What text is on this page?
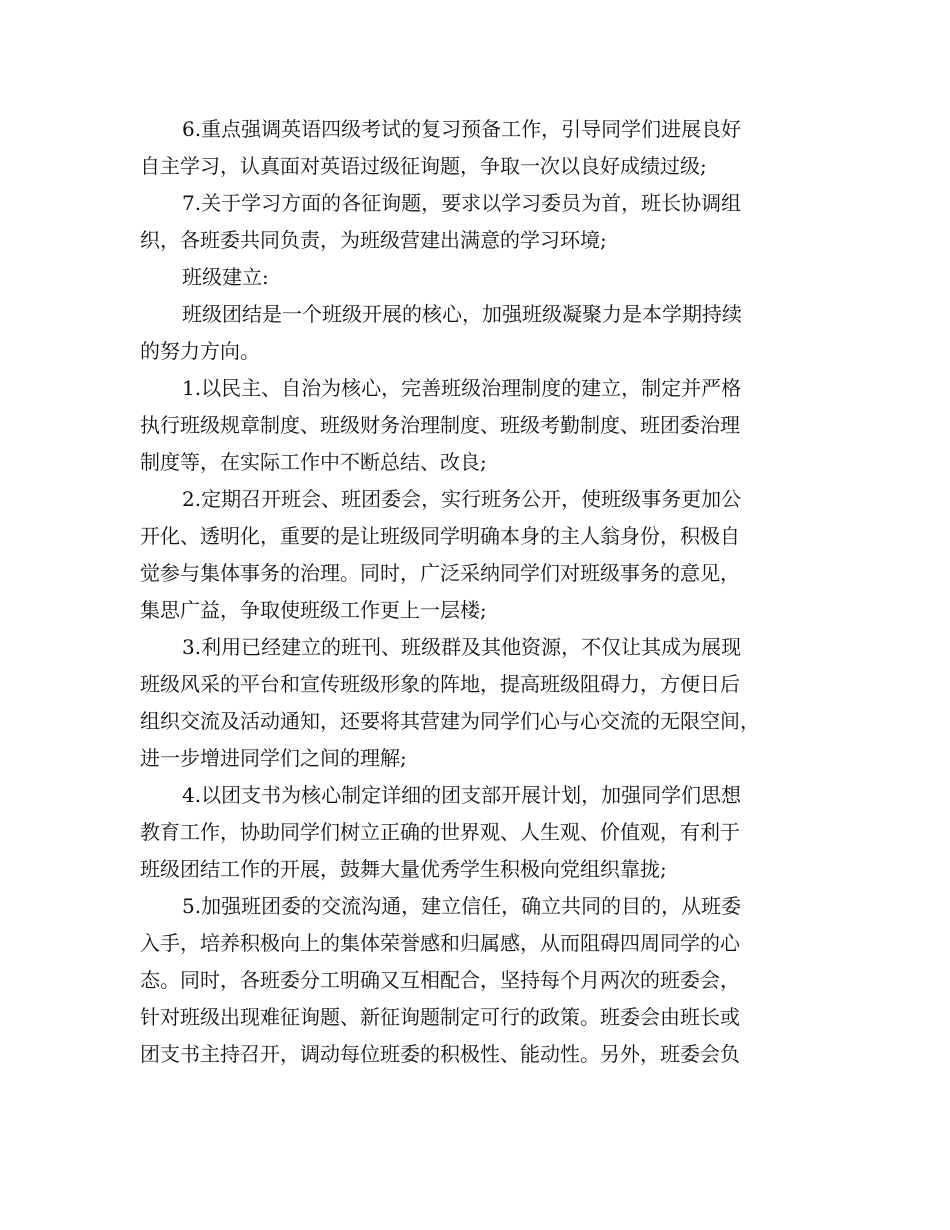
6.重点强调英语四级考试的复习预备工作，引导同学们进展良好
自主学习，认真面对英语过级征询题，争取一次以良好成绩过级;
7.关于学习方面的各征询题，要求以学习委员为首，班长协调组
织，各班委共同负责，为班级营建出满意的学习环境;
班级建立:
班级团结是一个班级开展的核心，加强班级凝聚力是本学期持续
的努力方向。
1.以民主、自治为核心，完善班级治理制度的建立，制定并严格
执行班级规章制度、班级财务治理制度、班级考勤制度、班团委治理
制度等，在实际工作中不断总结、改良;
2.定期召开班会、班团委会，实行班务公开，使班级事务更加公
开化、透明化，重要的是让班级同学明确本身的主人翁身份，积极自
觉参与集体事务的治理。同时，广泛采纳同学们对班级事务的意见，
集思广益，争取使班级工作更上一层楼;
3.利用已经建立的班刊、班级群及其他资源，不仅让其成为展现
班级风采的平台和宣传班级形象的阵地，提高班级阻碍力，方便日后
组织交流及活动通知，还要将其营建为同学们心与心交流的无限空间，
进一步增进同学们之间的理解;
4.以团支书为核心制定详细的团支部开展计划，加强同学们思想
教育工作，协助同学们树立正确的世界观、人生观、价值观，有利于
班级团结工作的开展，鼓舞大量优秀学生积极向党组织靠拢;
5.加强班团委的交流沟通，建立信任，确立共同的目的，从班委
入手，培养积极向上的集体荣誉感和归属感，从而阻碍四周同学的心
态。同时，各班委分工明确又互相配合，坚持每个月两次的班委会，
针对班级出现难征询题、新征询题制定可行的政策。班委会由班长或
团支书主持召开，调动每位班委的积极性、能动性。另外，班委会负
